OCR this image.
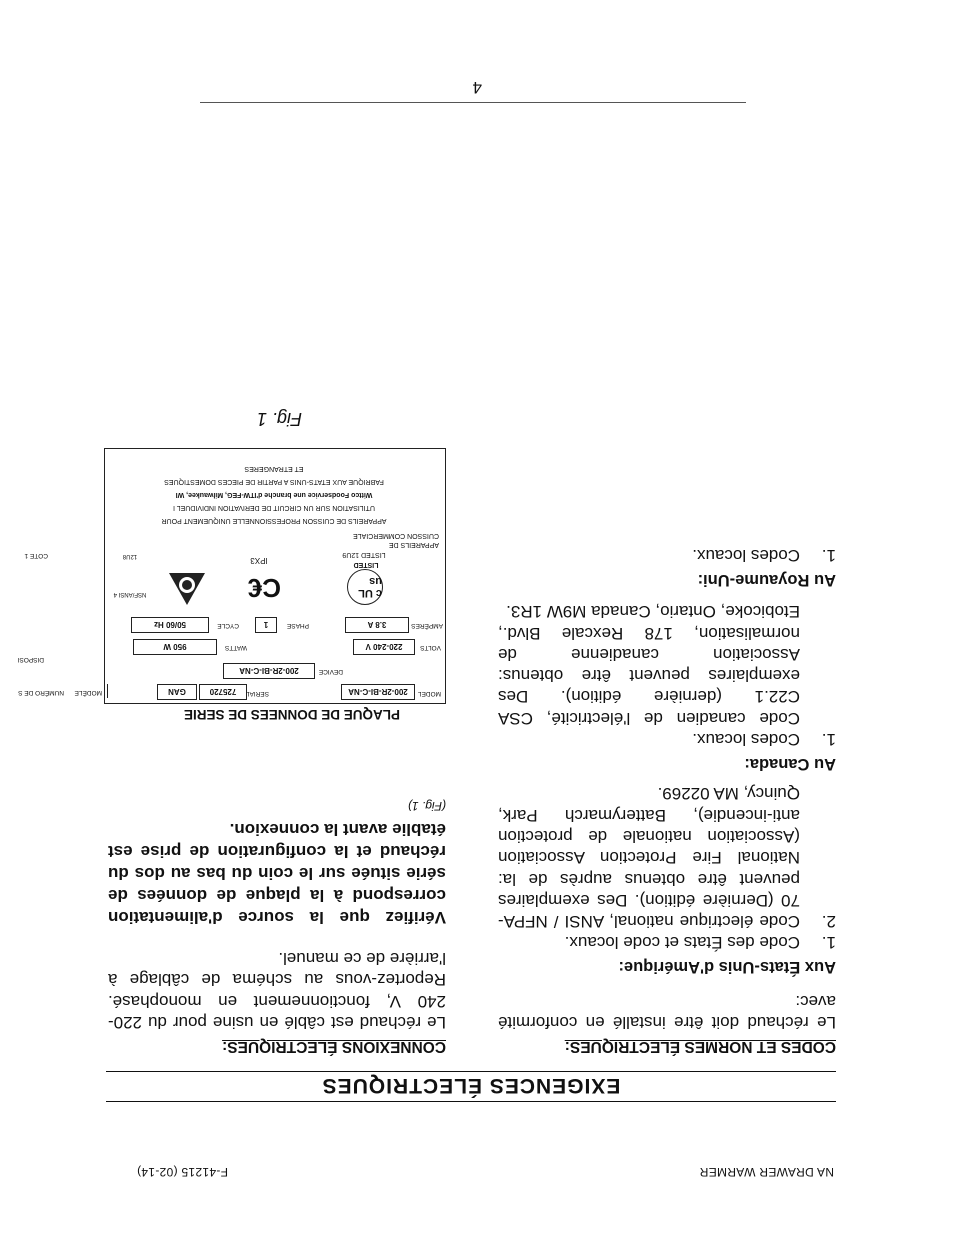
NA DRAWER WARMER
F-41215 (02-14)
EXIGENCES ÉLECTRIQUES
CODES ET NORMES ÉLECTRIQUES:
Le réchaud doit être installé en conformité avec:
Aux États-Unis d'Amérique:
1.
Code des États et code locaux.
2.
Code électrique national, ANSI / NFPA-70 (Dernière édition). Des exemplaires peuvent être obtenus auprès de la: National Fire Protection Association (Association nationale de protection anti-incendie), Batterymarch Park, Quincy, MA 02269.
Au Canada:
1.
Codes locaux.
Code canadien de l'électricité, CSA C22.1 (dernière édition). Des exemplaires peuvent être obtenus: Association canadienne de normalisation, 178 Rexcale Blvd., Etobicoke, Ontario, Canada M9W 1R3.
Au Royaume-Uni:
1.
Codes locaux.
CONNEXIONS ÉLECTRIQUES:
Le réchaud est câblé en usine pour du 220-240 V, fonctionnement en monophasé. Reportez-vous au schéma de câblage à l'arrière de ce manuel.
Vérifiez que la source d'alimentation correspond à la plaque de données de série située sur le coin du bas au dos du réchaud et la configuration de prise est établie avant la connexion.
(Fig. 1)
PLAQUE DE DONNEES DE SERIE
MODEL
200-2R-BI-C-NA
SERIAL
725720
GAN
DEVICE
200-2R-BI-C-NA
VOLTS
220-240 V
WATTS
950 W
AMPÈRES
3.8 A
PHASE
1
CYCLE
50/60 Hz
c UL us
LISTED
LISTED 12U9
C€
IPX3
NSF/ANSI 4
12U8
APPAREILS DE
CUISSON COMMERCIALE
APPAREILS DE CUISSON PROFESSIONNELLE UNIQUEMENT POUR
UTILISATION SUR UN CIRCUIT DE DERIVATION INDIVIDUEL I
Wittco Foodservice une branche d'ITW-FEG, Milwaukee, WI
FABRIQUE AUX ETATS-UNIS A PARTIR DE PIECES DOMESTIQUES
ET ETRANGERES
MODÈLE
NUMÉRO DE S
DISPOSI
COTE 1
Fig. 1
4
